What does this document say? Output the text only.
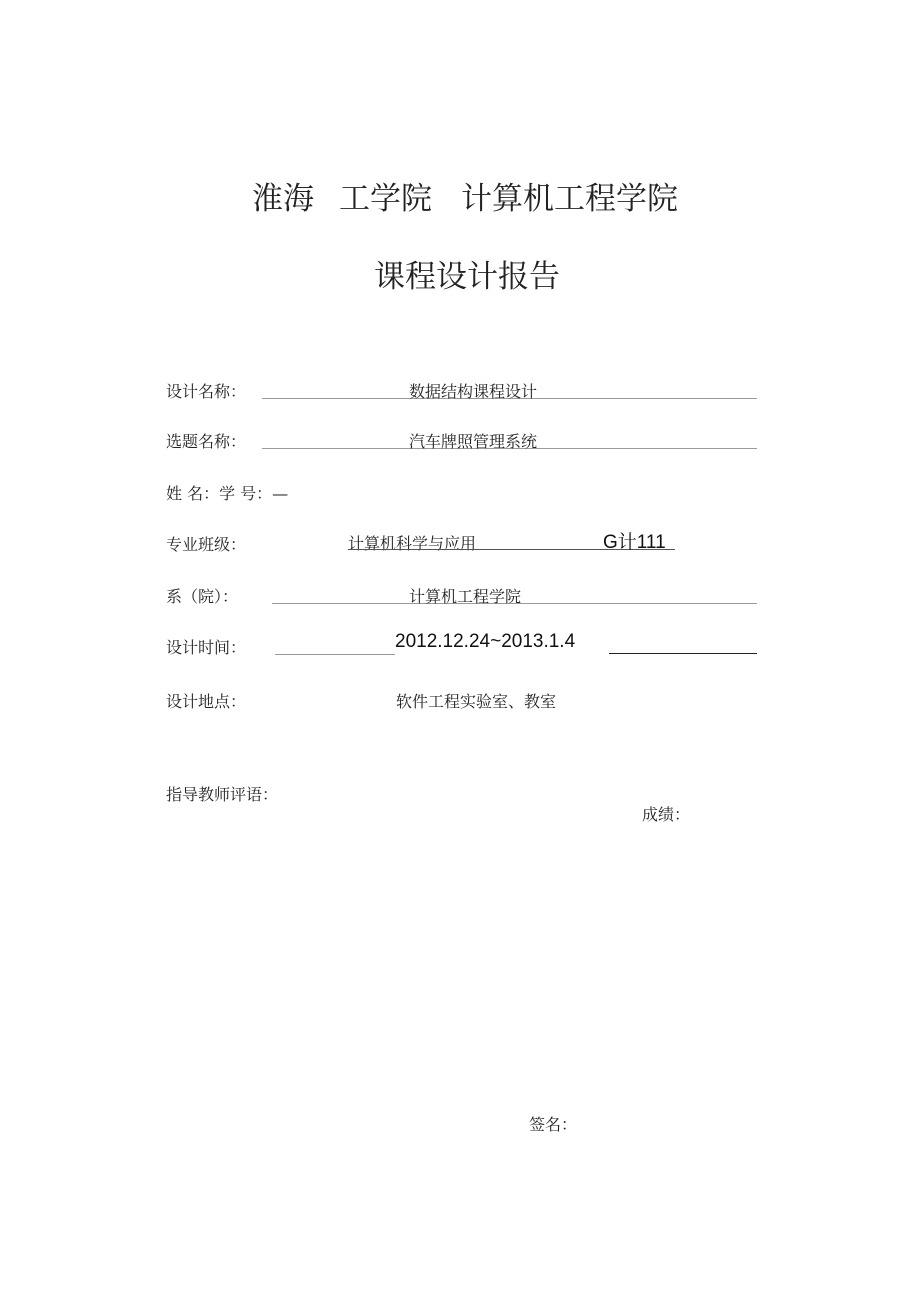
淮海 工学院 计算机工程学院
课程设计报告
设计名称：	数据结构课程设计
选题名称：	汽车牌照管理系统
姓 名：学 号：—
专业班级：	计算机科学与应用	G计111
系（院）：	计算机工程学院
设计时间：	2012.12.24~2013.1.4
设计地点：	软件工程实验室、教室
指导教师评语：
成绩：
签名：
